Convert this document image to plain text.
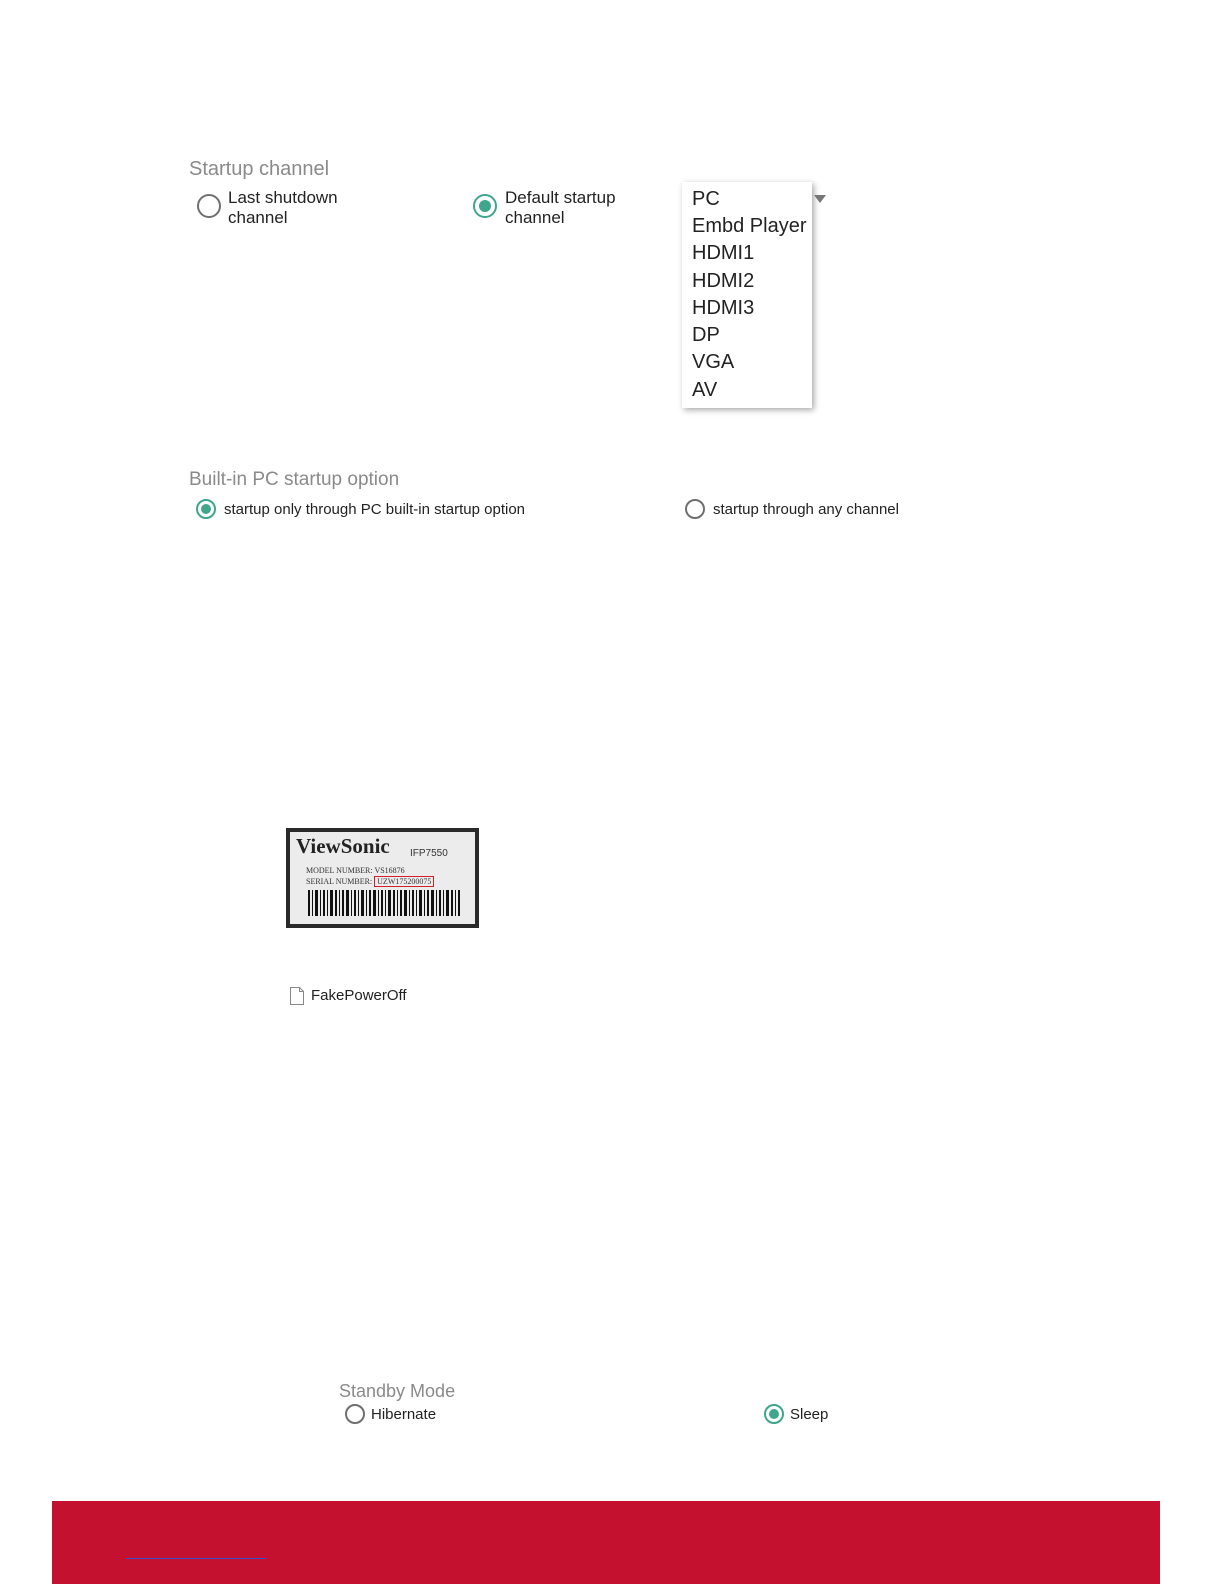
Startup channel
Last shutdown
channel
Default startup
channel
PC
Embd Player
HDMI1
HDMI2
HDMI3
DP
VGA
AV
Built-in PC startup option
startup only through PC built-in startup option	startup through any channel
ViewSonic IFP7550
MODEL NUMBER: VS16876
SERIAL NUMBER: UZW175200075
FakePowerOff
Standby Mode
Hibernate	Sleep
